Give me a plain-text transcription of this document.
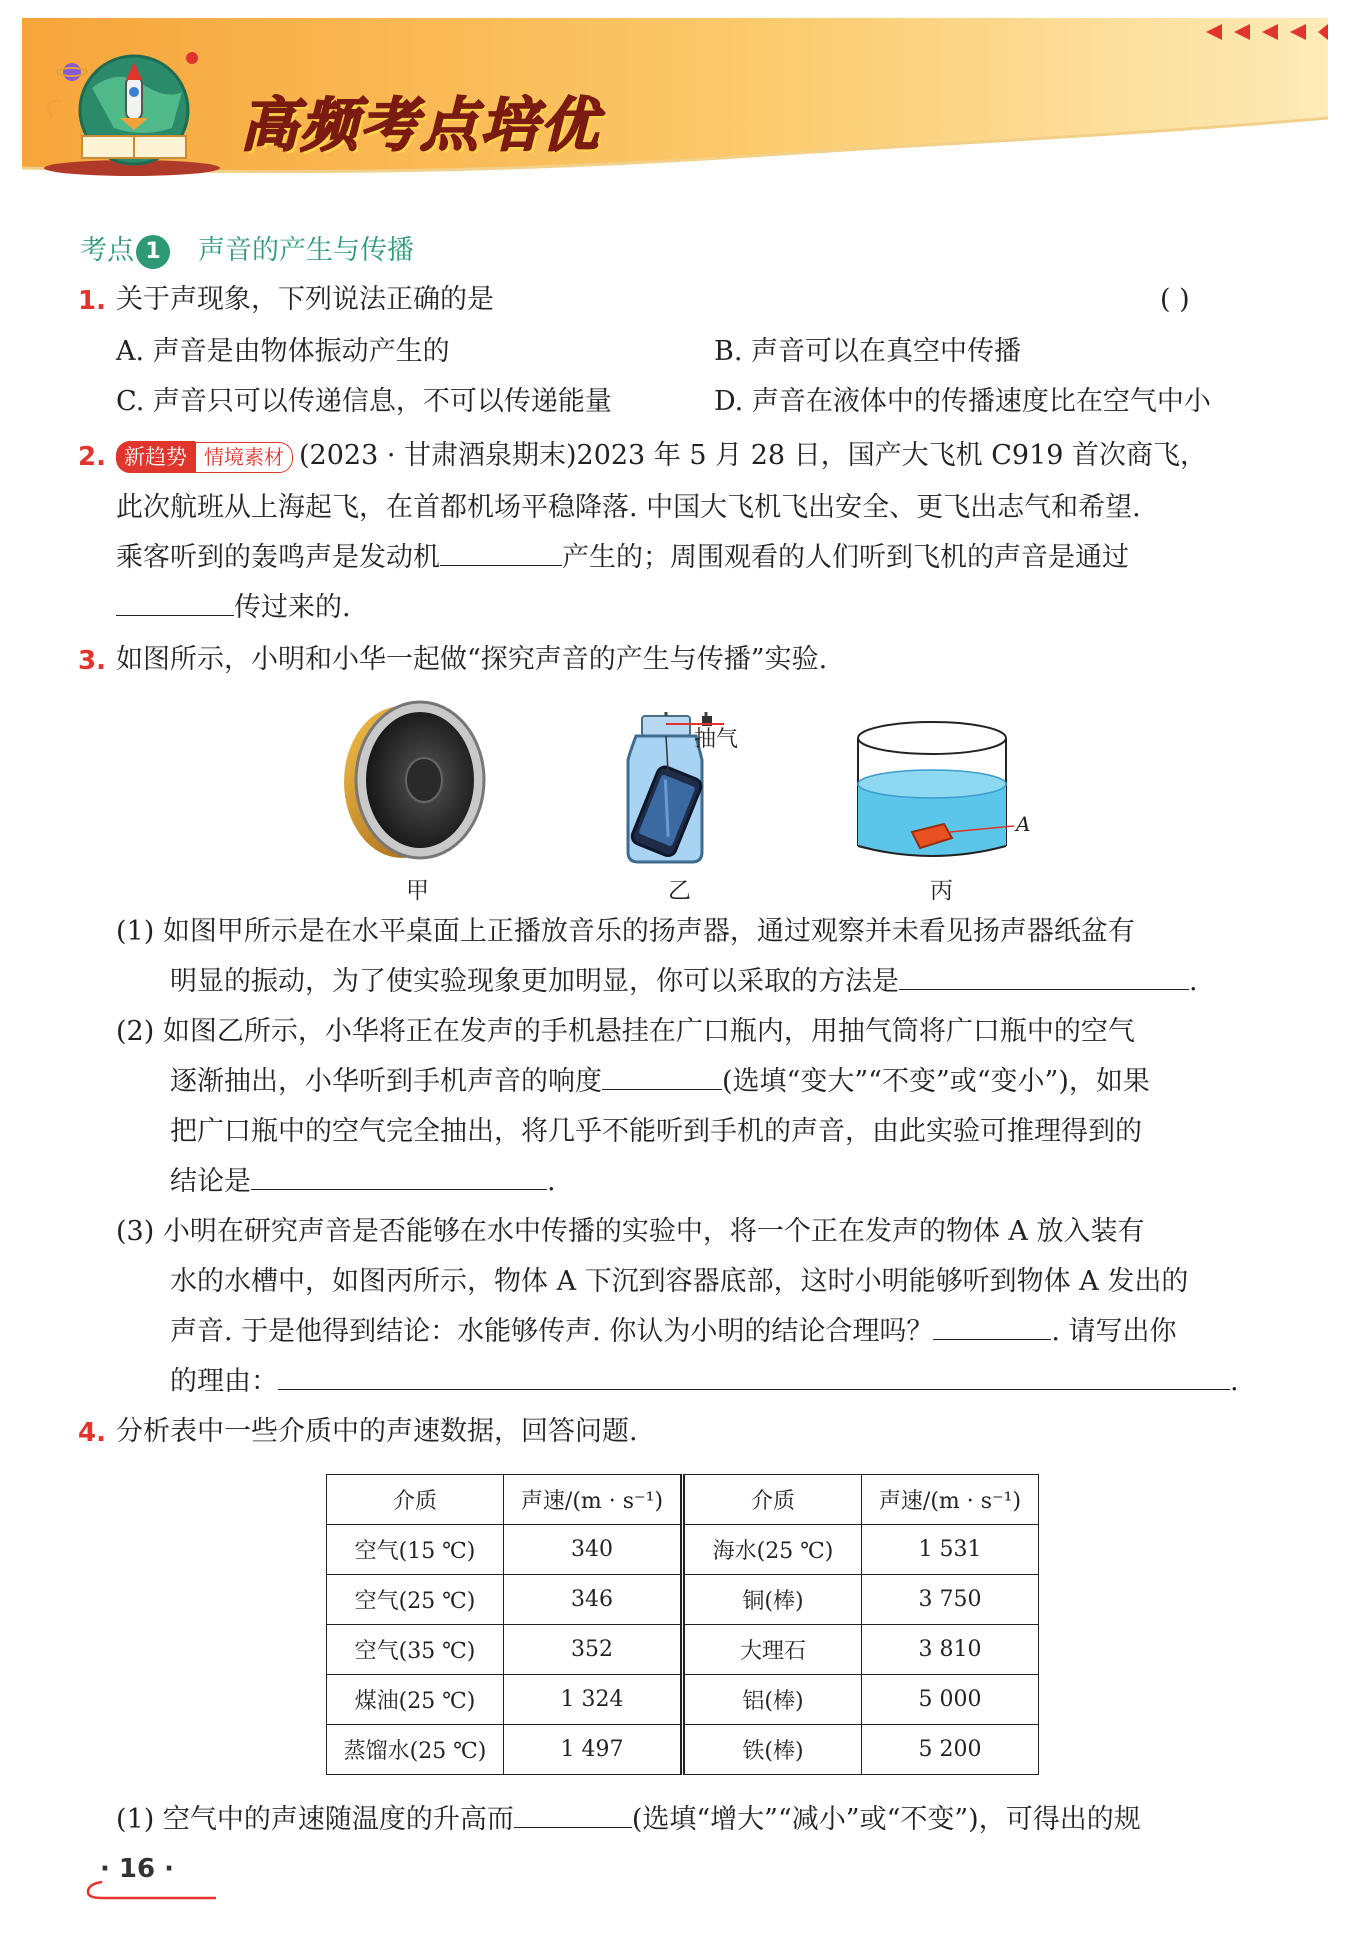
高频考点培优
考点 1 声音的产生与传播
1. 关于声现象，下列说法正确的是	( )
A. 声音是由物体振动产生的	B. 声音可以在真空中传播
C. 声音只可以传递信息，不可以传递能量	D. 声音在液体中的传播速度比在空气中小
2. 新趋势 情境素材 (2023 · 甘肃酒泉期末)2023 年 5 月 28 日，国产大飞机 C919 首次商飞，
此次航班从上海起飞，在首都机场平稳降落. 中国大飞机飞出安全、更飞出志气和希望.
乘客听到的轰鸣声是发动机	产生的；周围观看的人们听到飞机的声音是通过
传过来的.
3. 如图所示，小明和小华一起做“探究声音的产生与传播”实验.
甲
抽气
乙
A
丙
(1) 如图甲所示是在水平桌面上正播放音乐的扬声器，通过观察并未看见扬声器纸盆有
明显的振动，为了使实验现象更加明显，你可以采取的方法是	.
(2) 如图乙所示，小华将正在发声的手机悬挂在广口瓶内，用抽气筒将广口瓶中的空气
逐渐抽出，小华听到手机声音的响度	(选填“变大”“不变”或“变小”)，如果
把广口瓶中的空气完全抽出，将几乎不能听到手机的声音，由此实验可推理得到的
结论是	.
(3) 小明在研究声音是否能够在水中传播的实验中，将一个正在发声的物体 A 放入装有
水的水槽中，如图丙所示，物体 A 下沉到容器底部，这时小明能够听到物体 A 发出的
声音. 于是他得到结论：水能够传声. 你认为小明的结论合理吗？	. 请写出你
的理由：	.
4. 分析表中一些介质中的声速数据，回答问题.
介质	声速/(m · s⁻¹)	介质	声速/(m · s⁻¹)
空气(15 ℃)	340	海水(25 ℃)	1 531
空气(25 ℃)	346	铜(棒)	3 750
空气(35 ℃)	352	大理石	3 810
煤油(25 ℃)	1 324	铝(棒)	5 000
蒸馏水(25 ℃)	1 497	铁(棒)	5 200
(1) 空气中的声速随温度的升高而	(选填“增大”“减小”或“不变”)，可得出的规
· 16 ·
